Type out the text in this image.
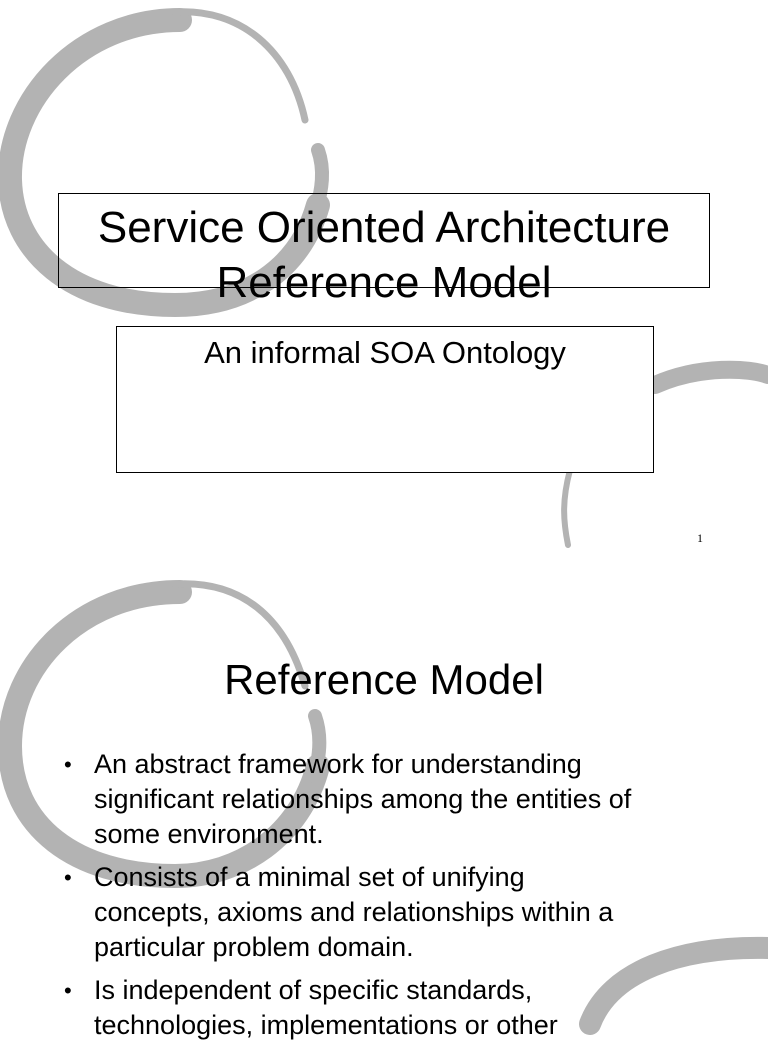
Service Oriented Architecture
Reference Model

An informal SOA Ontology

1
Reference Model
• An abstract framework for understanding
significant relationships among the entities of
some environment.
• Consists of a minimal set of unifying
concepts, axioms and relationships within a
particular problem domain.
• Is independent of specific standards,
technologies, implementations or other
